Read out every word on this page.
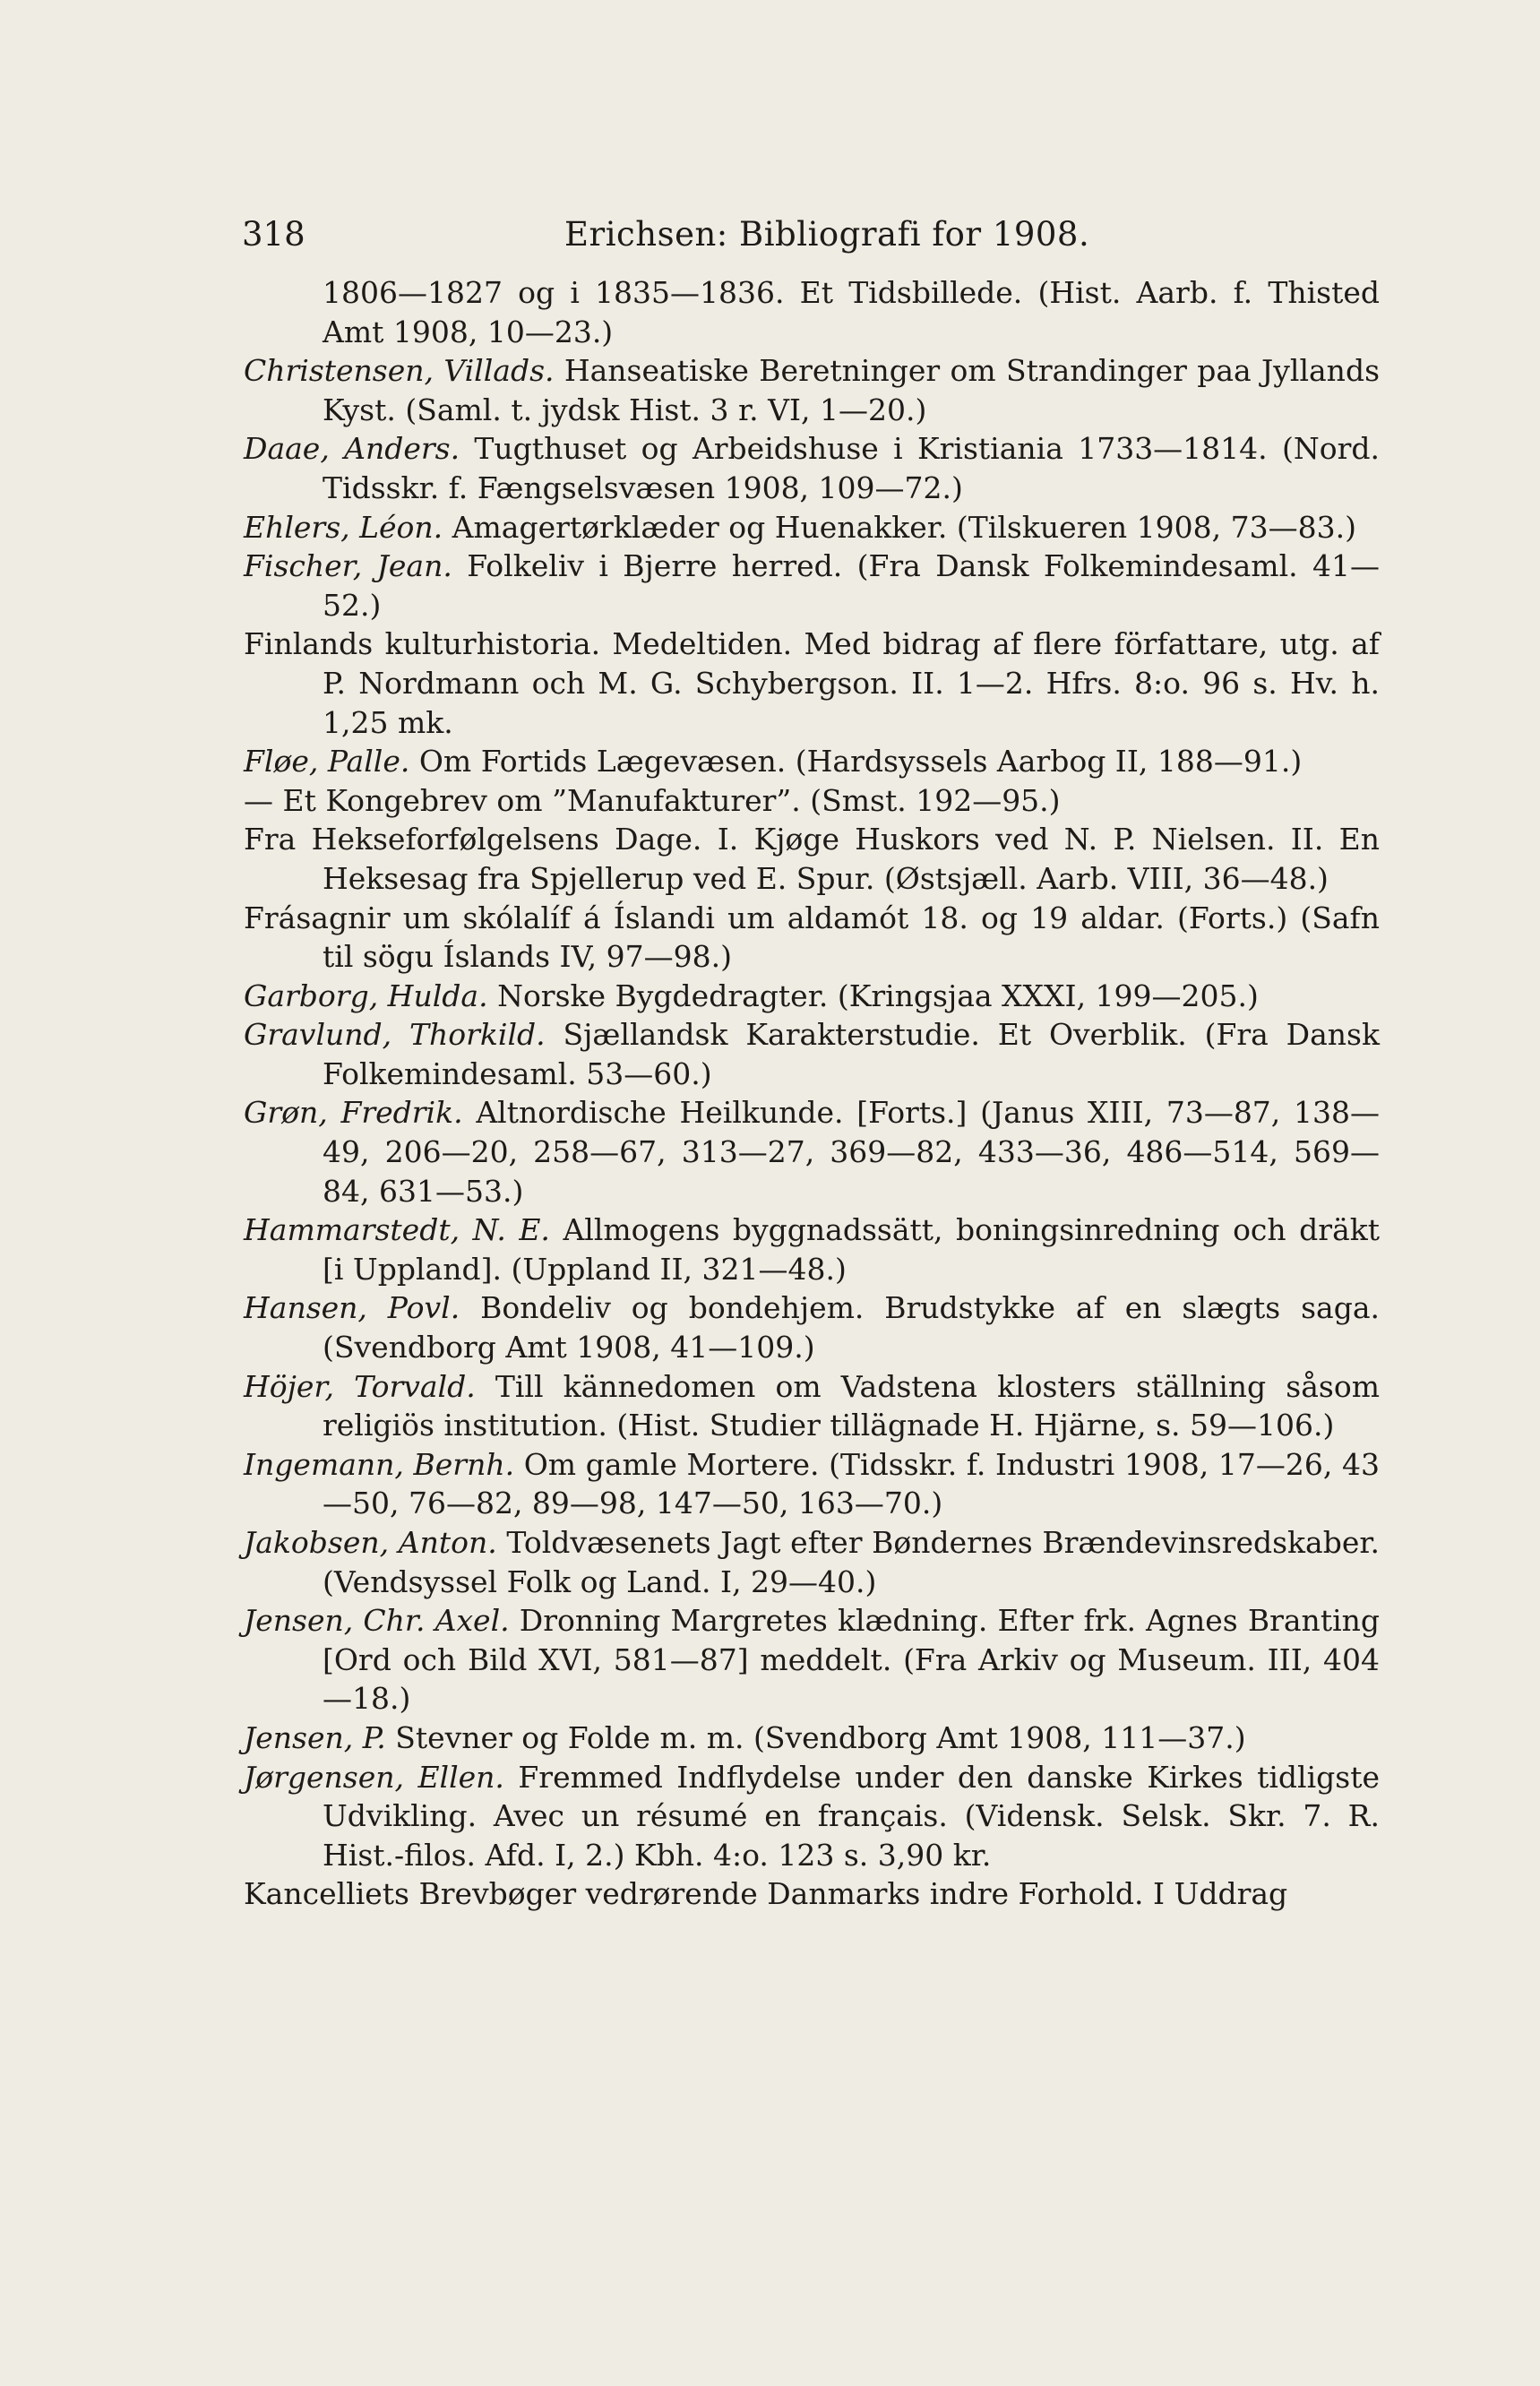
318	Erichsen: Bibliografi for 1908.

1806—1827 og i 1835—1836. Et Tidsbillede. (Hist. Aarb. f. Thisted Amt 1908, 10—23.)

Christensen, Villads. Hanseatiske Beretninger om Strandinger paa Jyllands Kyst. (Saml. t. jydsk Hist. 3 r. VI, 1—20.)

Daae, Anders. Tugthuset og Arbeidshuse i Kristiania 1733—1814. (Nord. Tidsskr. f. Fængselsvæsen 1908, 109—72.)

Ehlers, Léon. Amagertørklæder og Huenakker. (Tilskueren 1908, 73—83.)

Fischer, Jean. Folkeliv i Bjerre herred. (Fra Dansk Folkemindesaml. 41—52.)

Finlands kulturhistoria. Medeltiden. Med bidrag af flere författare, utg. af P. Nordmann och M. G. Schybergson. II. 1—2. Hfrs. 8:o. 96 s. Hv. h. 1,25 mk.

Fløe, Palle. Om Fortids Lægevæsen. (Hardsyssels Aarbog II, 188—91.)

— Et Kongebrev om ”Manufakturer”. (Smst. 192—95.)

Fra Hekseforfølgelsens Dage. I. Kjøge Huskors ved N. P. Nielsen. II. En Heksesag fra Spjellerup ved E. Spur. (Østsjæll. Aarb. VIII, 36—48.)

Frásagnir um skólalíf á Íslandi um aldamót 18. og 19 aldar. (Forts.) (Safn til sögu Íslands IV, 97—98.)

Garborg, Hulda. Norske Bygdedragter. (Kringsjaa XXXI, 199—205.)

Gravlund, Thorkild. Sjællandsk Karakterstudie. Et Overblik. (Fra Dansk Folkemindesaml. 53—60.)

Grøn, Fredrik. Altnordische Heilkunde. [Forts.] (Janus XIII, 73—87, 138—49, 206—20, 258—67, 313—27, 369—82, 433—36, 486—514, 569—84, 631—53.)

Hammarstedt, N. E. Allmogens byggnadssätt, boningsinredning och dräkt [i Uppland]. (Uppland II, 321—48.)

Hansen, Povl. Bondeliv og bondehjem. Brudstykke af en slægts saga. (Svendborg Amt 1908, 41—109.)

Höjer, Torvald. Till kännedomen om Vadstena klosters ställning såsom religiös institution. (Hist. Studier tillägnade H. Hjärne, s. 59—106.)

Ingemann, Bernh. Om gamle Mortere. (Tidsskr. f. Industri 1908, 17—26, 43—50, 76—82, 89—98, 147—50, 163—70.)

Jakobsen, Anton. Toldvæsenets Jagt efter Bøndernes Brændevinsredskaber. (Vendsyssel Folk og Land. I, 29—40.)

Jensen, Chr. Axel. Dronning Margretes klædning. Efter frk. Agnes Branting [Ord och Bild XVI, 581—87] meddelt. (Fra Arkiv og Museum. III, 404—18.)

Jensen, P. Stevner og Folde m. m. (Svendborg Amt 1908, 111—37.)

Jørgensen, Ellen. Fremmed Indflydelse under den danske Kirkes tidligste Udvikling. Avec un résumé en français. (Vidensk. Selsk. Skr. 7. R. Hist.-filos. Afd. I, 2.) Kbh. 4:o. 123 s. 3,90 kr.

Kancelliets Brevbøger vedrørende Danmarks indre Forhold. I Uddrag
